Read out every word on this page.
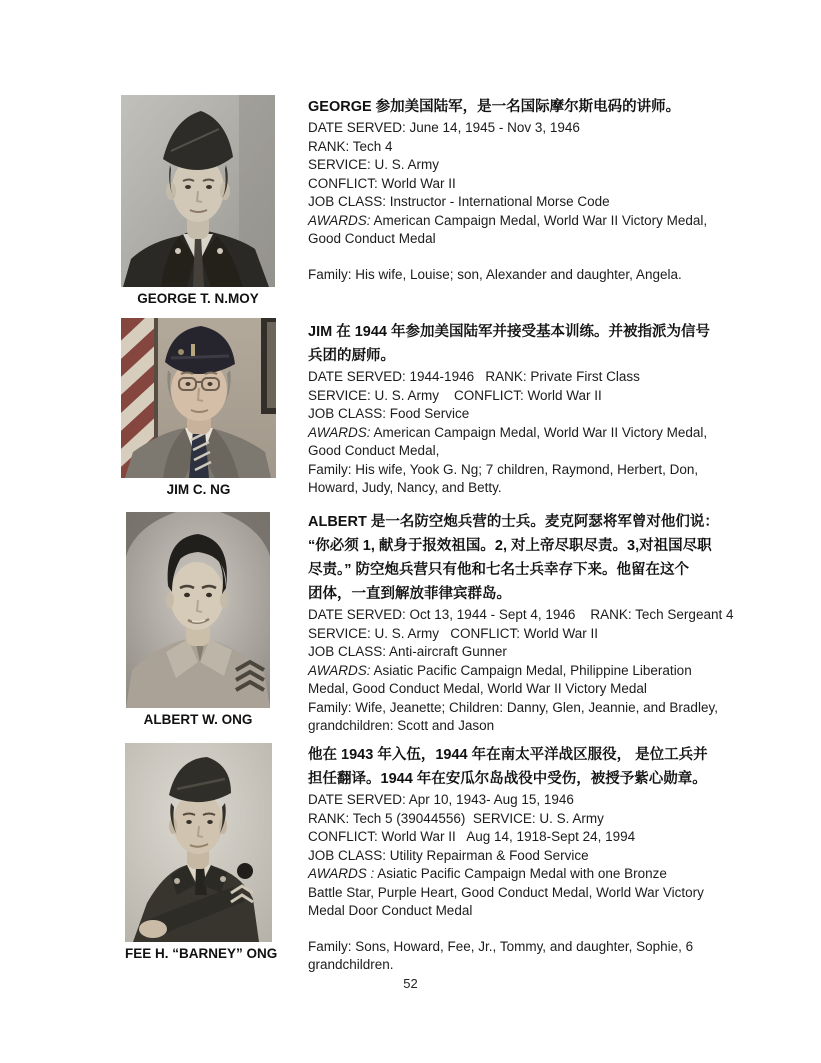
GEORGE T. N.MOY
GEORGE 参加美国陆军，是一名国际摩尔斯电码的讲师。
DATE SERVED: June 14, 1945 - Nov 3, 1946
RANK: Tech 4
SERVICE: U. S. Army
CONFLICT: World War II
JOB CLASS: Instructor - International Morse Code
AWARDS: American Campaign Medal, World War II Victory Medal,
Good Conduct Medal
Family: His wife, Louise; son, Alexander and daughter, Angela.
JIM C. NG
JIM 在 1944 年参加美国陆军并接受基本训练。并被指派为信号
兵团的厨师。
DATE SERVED: 1944-1946   RANK: Private First Class
SERVICE: U. S. Army    CONFLICT: World War II
JOB CLASS: Food Service
AWARDS: American Campaign Medal, World War II Victory Medal,
Good Conduct Medal,
Family: His wife, Yook G. Ng; 7 children, Raymond, Herbert, Don,
Howard, Judy, Nancy, and Betty.
ALBERT W. ONG
ALBERT 是一名防空炮兵营的士兵。麦克阿瑟将军曾对他们说：
“你必须 1, 献身于报效祖国。2, 对上帝尽职尽责。3,对祖国尽职
尽责。” 防空炮兵营只有他和七名士兵幸存下来。他留在这个
团体，一直到解放菲律宾群岛。
DATE SERVED: Oct 13, 1944 - Sept 4, 1946    RANK: Tech Sergeant 4
SERVICE: U. S. Army   CONFLICT: World War II
JOB CLASS: Anti-aircraft Gunner
AWARDS: Asiatic Pacific Campaign Medal, Philippine Liberation
Medal, Good Conduct Medal, World War II Victory Medal
Family: Wife, Jeanette; Children: Danny, Glen, Jeannie, and Bradley,
grandchildren: Scott and Jason
FEE H. “BARNEY” ONG
他在 1943 年入伍，1944 年在南太平洋战区服役， 是位工兵并
担任翻译。1944 年在安瓜尔岛战役中受伤，被授予紫心勋章。
DATE SERVED: Apr 10, 1943- Aug 15, 1946
RANK: Tech 5 (39044556)  SERVICE: U. S. Army
CONFLICT: World War II   Aug 14, 1918-Sept 24, 1994
JOB CLASS: Utility Repairman & Food Service
AWARDS : Asiatic Pacific Campaign Medal with one Bronze
Battle Star, Purple Heart, Good Conduct Medal, World War Victory
Medal Door Conduct Medal
Family: Sons, Howard, Fee, Jr., Tommy, and daughter, Sophie, 6
grandchildren.
52
